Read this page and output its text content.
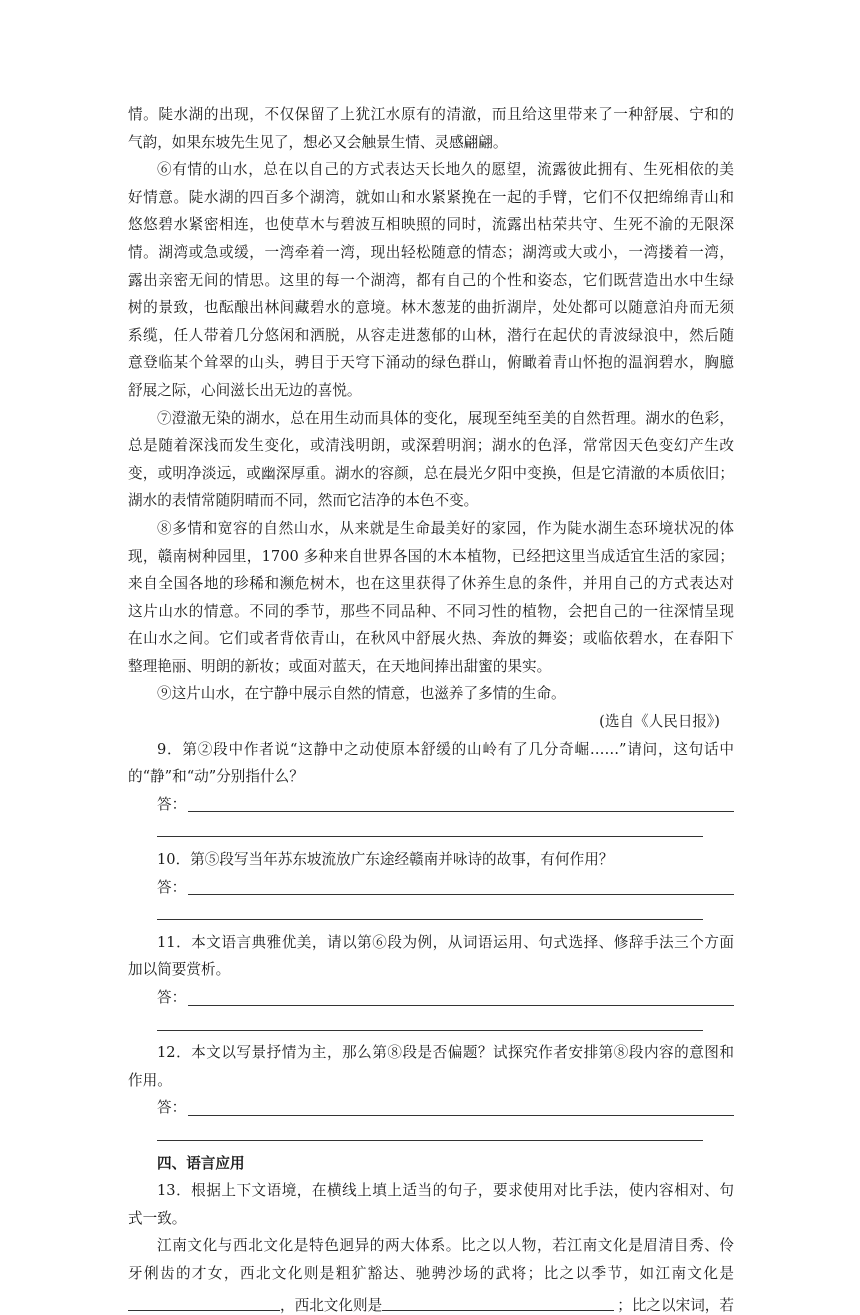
情。陡水湖的出现，不仅保留了上犹江水原有的清澈，而且给这里带来了一种舒展、宁和的
气韵，如果东坡先生见了，想必又会触景生情、灵感翩翩。
⑥有情的山水，总在以自己的方式表达天长地久的愿望，流露彼此拥有、生死相依的美
好情意。陡水湖的四百多个湖湾，就如山和水紧紧挽在一起的手臂，它们不仅把绵绵青山和
悠悠碧水紧密相连，也使草木与碧波互相映照的同时，流露出枯荣共守、生死不渝的无限深
情。湖湾或急或缓，一湾牵着一湾，现出轻松随意的情态；湖湾或大或小，一湾搂着一湾，
露出亲密无间的情思。这里的每一个湖湾，都有自己的个性和姿态，它们既营造出水中生绿
树的景致，也酝酿出林间藏碧水的意境。林木葱茏的曲折湖岸，处处都可以随意泊舟而无须
系缆，任人带着几分悠闲和洒脱，从容走进葱郁的山林，潜行在起伏的青波绿浪中，然后随
意登临某个耸翠的山头，骋目于天穹下涌动的绿色群山，俯瞰着青山怀抱的温润碧水，胸臆
舒展之际，心间滋长出无边的喜悦。
⑦澄澈无染的湖水，总在用生动而具体的变化，展现至纯至美的自然哲理。湖水的色彩，
总是随着深浅而发生变化，或清浅明朗，或深碧明润；湖水的色泽，常常因天色变幻产生改
变，或明净淡远，或幽深厚重。湖水的容颜，总在晨光夕阳中变换，但是它清澈的本质依旧；
湖水的表情常随阴晴而不同，然而它洁净的本色不变。
⑧多情和宽容的自然山水，从来就是生命最美好的家园，作为陡水湖生态环境状况的体
现，赣南树种园里，1700 多种来自世界各国的木本植物，已经把这里当成适宜生活的家园；
来自全国各地的珍稀和濒危树木，也在这里获得了休养生息的条件，并用自己的方式表达对
这片山水的情意。不同的季节，那些不同品种、不同习性的植物，会把自己的一往深情呈现
在山水之间。它们或者背依青山，在秋风中舒展火热、奔放的舞姿；或临依碧水，在春阳下
整理艳丽、明朗的新妆；或面对蓝天，在天地间捧出甜蜜的果实。
⑨这片山水，在宁静中展示自然的情意，也滋养了多情的生命。
(选自《人民日报》)
9．第②段中作者说“这静中之动使原本舒缓的山岭有了几分奇崛……”请问，这句话中
的“静”和“动”分别指什么？
答：
10．第⑤段写当年苏东坡流放广东途经赣南并咏诗的故事，有何作用？
答：
11．本文语言典雅优美，请以第⑥段为例，从词语运用、句式选择、修辞手法三个方面
加以简要赏析。
答：
12．本文以写景抒情为主，那么第⑧段是否偏题？试探究作者安排第⑧段内容的意图和
作用。
答：
四、语言应用
13．根据上下文语境，在横线上填上适当的句子，要求使用对比手法，使内容相对、句
式一致。
江南文化与西北文化是特色迥异的两大体系。比之以人物，若江南文化是眉清目秀、伶
牙俐齿的才女，西北文化则是粗犷豁达、驰骋沙场的武将；比之以季节，如江南文化是
，西北文化则是	；比之以宋词，若
